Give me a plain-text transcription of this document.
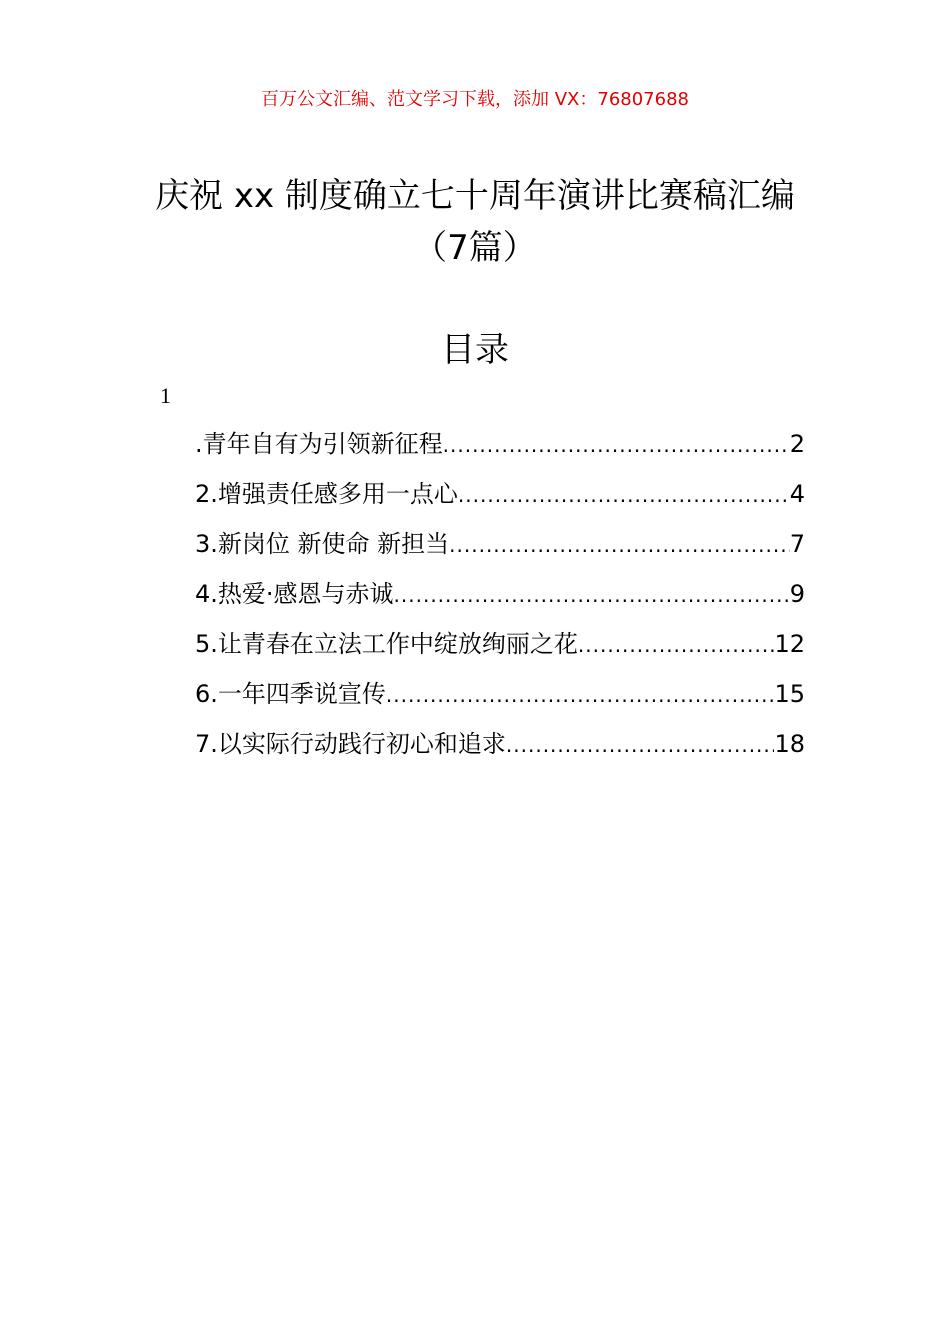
百万公文汇编、范文学习下载，添加 VX：76807688
庆祝 xx 制度确立七十周年演讲比赛稿汇编
（7篇）
目录
1
.青年自有为引领新征程 .....	2
2.增强责任感多用一点心 .....	4
3.新岗位 新使命 新担当 .....	7
4.热爱·感恩与赤诚 .....	9
5.让青春在立法工作中绽放绚丽之花 .....	12
6.一年四季说宣传 .....	15
7.以实际行动践行初心和追求 .....	18
